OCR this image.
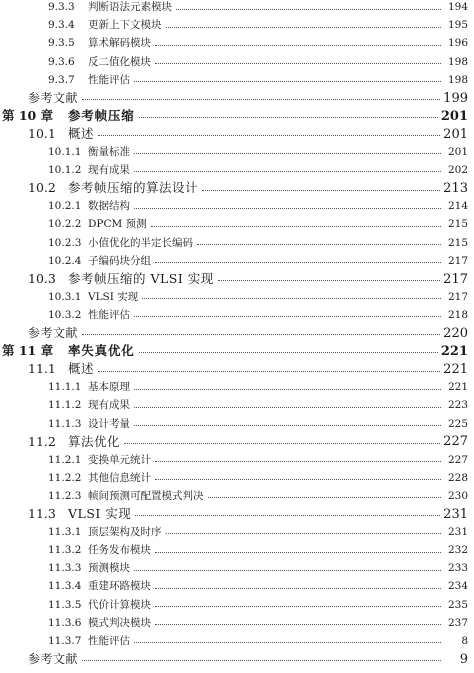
9.3.3	判断语法元素模块	194
9.3.4	更新上下文模块	195
9.3.5	算术解码模块	196
9.3.6	反二值化模块	198
9.3.7	性能评估	198
参考文献	199
第 10 章	参考帧压缩	201
10.1 概述	201
10.1.1 衡量标准	201
10.1.2 现有成果	202
10.2 参考帧压缩的算法设计	213
10.2.1 数据结构	214
10.2.2 DPCM 预测	215
10.2.3 小值优化的半定长编码	215
10.2.4 子编码块分组	217
10.3 参考帧压缩的 VLSI 实现	217
10.3.1 VLSI 实现	217
10.3.2 性能评估	218
参考文献	220
第 11 章	率失真优化	221
11.1 概述	221
11.1.1 基本原理	221
11.1.2 现有成果	223
11.1.3 设计考量	225
11.2 算法优化	227
11.2.1 变换单元统计	227
11.2.2 其他信息统计	228
11.2.3 帧间预测可配置模式判决	230
11.3 VLSI 实现	231
11.3.1 顶层架构及时序	231
11.3.2 任务发布模块	232
11.3.3 预测模块	233
11.3.4 重建环路模块	234
11.3.5 代价计算模块	235
11.3.6 模式判决模块	237
11.3.7 性能评估	8
参考文献	9
